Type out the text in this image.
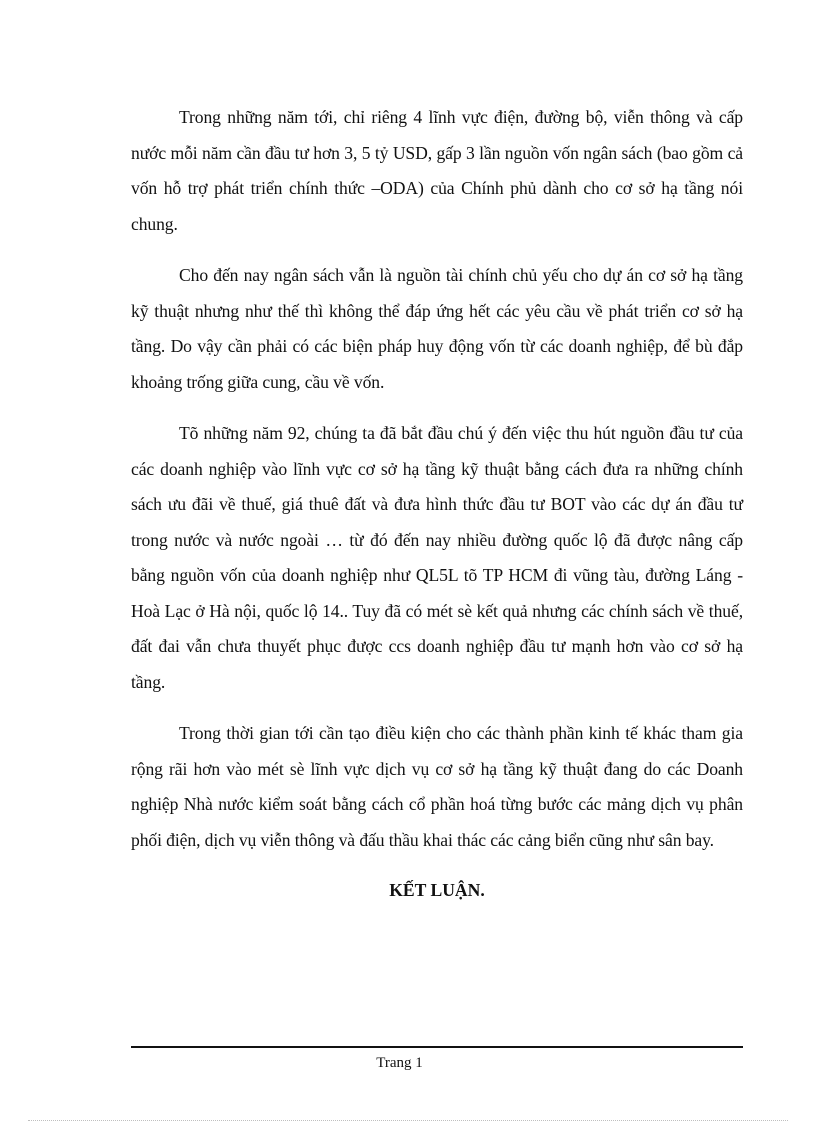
Trong những năm tới, chỉ riêng 4 lĩnh vực điện, đường bộ, viễn thông và cấp nước mỗi năm cần đầu tư hơn 3, 5 tỷ USD, gấp 3 lần nguồn vốn ngân sách (bao gồm cả vốn hỗ trợ phát triển chính thức –ODA) của Chính phủ dành cho cơ sở hạ tầng nói chung.

Cho đến nay ngân sách vẫn là nguồn tài chính chủ yếu cho dự án cơ sở hạ tầng kỹ thuật nhưng như thế thì không thể đáp ứng hết các yêu cầu về phát triển cơ sở hạ tầng. Do vậy cần phải có các biện pháp huy động vốn từ các doanh nghiệp, để bù đắp khoảng trống giữa cung, cầu về vốn.

Tõ những năm 92, chúng ta đã bắt đầu chú ý đến việc thu hút nguồn đầu tư của các doanh nghiệp vào lĩnh vực cơ sở hạ tầng kỹ thuật bằng cách đưa ra những chính sách ưu đãi về thuế, giá thuê đất và đưa hình thức đầu tư BOT vào các dự án đầu tư trong nước và nước ngoài … từ đó đến nay nhiều đường quốc lộ đã được nâng cấp bằng nguồn vốn của doanh nghiệp như QL5L tõ TP HCM đi vũng tàu, đường Láng - Hoà Lạc ở Hà nội, quốc lộ 14.. Tuy đã có mét sè kết quả nhưng các chính sách về thuế, đất đai vẫn chưa thuyết phục được ccs doanh nghiệp đầu tư mạnh hơn vào cơ sở hạ tầng.

Trong thời gian tới cần tạo điều kiện cho các thành phần kinh tế khác tham gia rộng rãi hơn vào mét sè lĩnh vực dịch vụ cơ sở hạ tầng kỹ thuật đang do các Doanh nghiệp Nhà nước kiểm soát bằng cách cổ phần hoá từng bước các mảng dịch vụ phân phối điện, dịch vụ viễn thông và đấu thầu khai thác các cảng biển cũng như sân bay.

KẾT LUẬN.

Trang 1
